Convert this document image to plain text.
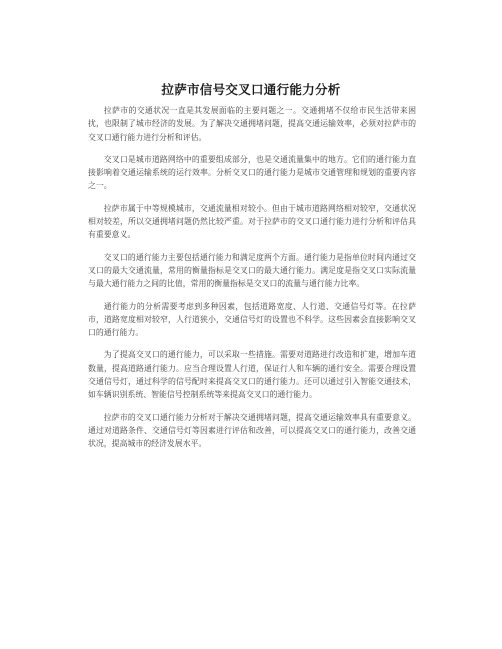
拉萨市信号交叉口通行能力分析

拉萨市的交通状况一直是其发展面临的主要问题之一。交通拥堵不仅给市民生活带来困扰，也限制了城市经济的发展。为了解决交通拥堵问题，提高交通运输效率，必须对拉萨市的交叉口通行能力进行分析和评估。

交叉口是城市道路网络中的重要组成部分，也是交通流量集中的地方。它们的通行能力直接影响着交通运输系统的运行效率。分析交叉口的通行能力是城市交通管理和规划的重要内容之一。

拉萨市属于中等规模城市，交通流量相对较小。但由于城市道路网络相对较窄，交通状况相对较差，所以交通拥堵问题仍然比较严重。对于拉萨市的交叉口通行能力进行分析和评估具有重要意义。

交叉口的通行能力主要包括通行能力和满足度两个方面。通行能力是指单位时间内通过交叉口的最大交通流量，常用的衡量指标是交叉口的最大通行能力。满足度是指交叉口实际流量与最大通行能力之间的比值，常用的衡量指标是交叉口的流量与通行能力比率。

通行能力的分析需要考虑到多种因素，包括道路宽度、人行道、交通信号灯等。在拉萨市，道路宽度相对较窄，人行道狭小，交通信号灯的设置也不科学。这些因素会直接影响交叉口的通行能力。

为了提高交叉口的通行能力，可以采取一些措施。需要对道路进行改造和扩建，增加车道数量，提高道路通行能力。应当合理设置人行道，保证行人和车辆的通行安全。需要合理设置交通信号灯，通过科学的信号配时来提高交叉口的通行能力。还可以通过引入智能交通技术，如车辆识别系统、智能信号控制系统等来提高交叉口的通行能力。

拉萨市的交叉口通行能力分析对于解决交通拥堵问题，提高交通运输效率具有重要意义。通过对道路条件、交通信号灯等因素进行评估和改善，可以提高交叉口的通行能力，改善交通状况，提高城市的经济发展水平。
